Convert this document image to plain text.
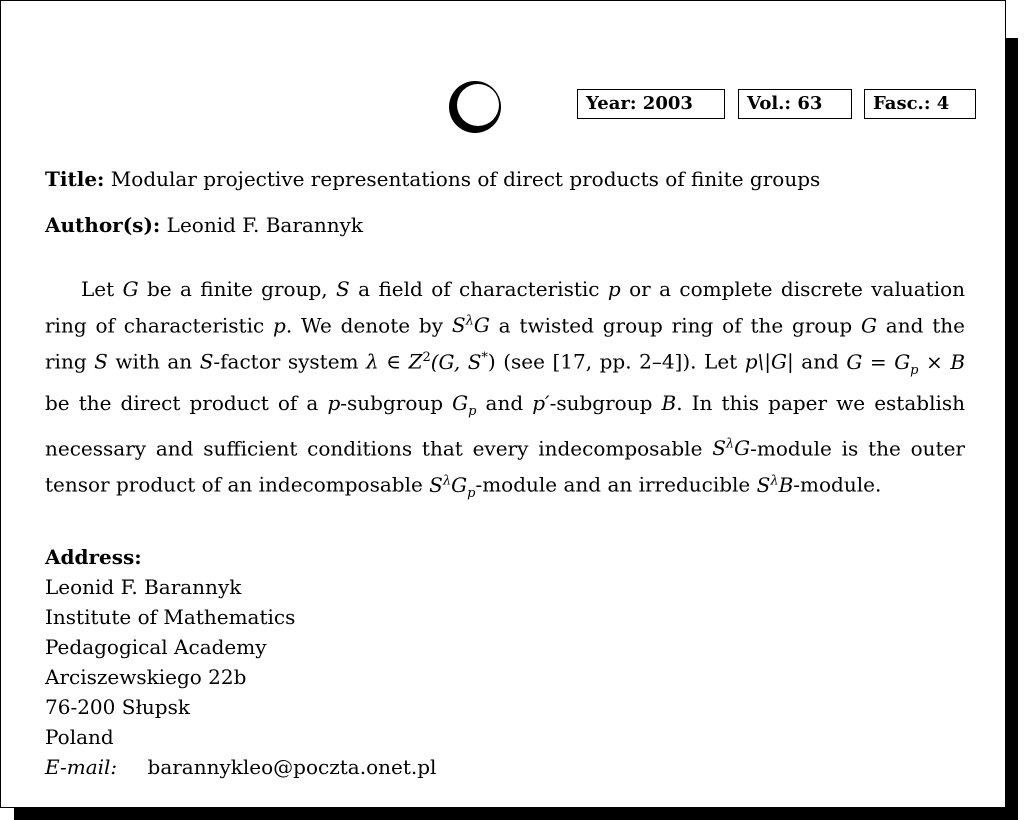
Year: 2003	Vol.: 63	Fasc.: 4
Title: Modular projective representations of direct products of finite groups
Author(s): Leonid F. Barannyk
Let G be a finite group, S a field of characteristic p or a complete discrete valuation ring of characteristic p. We denote by $S^\lambda G$ a twisted group ring of the group G and the ring S with an S-factor system λ ∈ $Z^2(G$, S*) (see [17, pp. 2–4]). Let p\|G| and $G = G_p \times B$ be the direct product of a p-subgroup $G_p$ and p′-subgroup B. In this paper we establish necessary and sufficient conditions that every indecomposable $S^\lambda G$-module is the outer tensor product of an indecomposable $S^\lambda G_p$-module and an irreducible $S^\lambda B$-module.
Address:
Leonid F. Barannyk
Institute of Mathematics
Pedagogical Academy
Arciszewskiego 22b
76-200 Słupsk
Poland
E-mail: barannykleo@poczta.onet.pl
